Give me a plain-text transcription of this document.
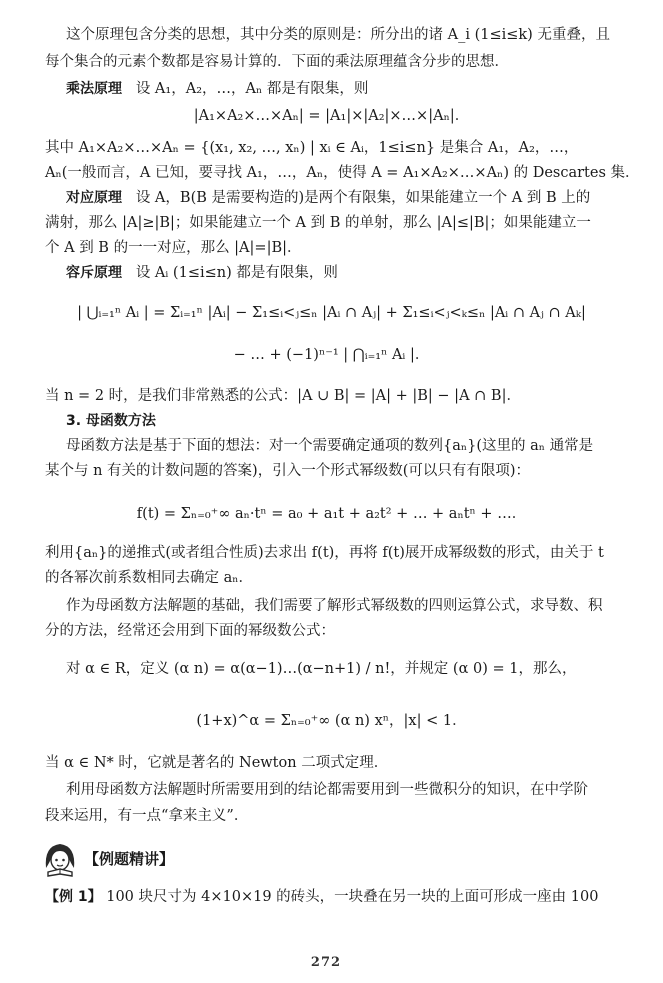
这个原理包含分类的思想，其中分类的原则是：所分出的诸 A_i (1≤i≤k) 无重叠，且
每个集合的元素个数都是容易计算的．下面的乘法原理蕴含分步的思想．
乘法原理 设 A₁，A₂，…，Aₙ 都是有限集，则
|A₁×A₂×…×Aₙ| = |A₁|×|A₂|×…×|Aₙ|．
其中 A₁×A₂×…×Aₙ = {(x₁, x₂, …, xₙ) | xᵢ ∈ Aᵢ，1≤i≤n} 是集合 A₁，A₂，…，
Aₙ(一般而言，A 已知，要寻找 A₁，…，Aₙ，使得 A = A₁×A₂×…×Aₙ) 的 Descartes 集．
对应原理 设 A，B(B 是需要构造的)是两个有限集，如果能建立一个 A 到 B 上的
满射，那么 |A|≥|B|；如果能建立一个 A 到 B 的单射，那么 |A|≤|B|；如果能建立一
个 A 到 B 的一一对应，那么 |A|=|B|．
容斥原理 设 Aᵢ (1≤i≤n) 都是有限集，则
| ⋃ᵢ₌₁ⁿ Aᵢ | = Σᵢ₌₁ⁿ |Aᵢ| − Σ₁≤ᵢ<ⱼ≤ₙ |Aᵢ ∩ Aⱼ| + Σ₁≤ᵢ<ⱼ<ₖ≤ₙ |Aᵢ ∩ Aⱼ ∩ Aₖ|
− … + (−1)ⁿ⁻¹ | ⋂ᵢ₌₁ⁿ Aᵢ |．
当 n = 2 时，是我们非常熟悉的公式：|A ∪ B| = |A| + |B| − |A ∩ B|．
3. 母函数方法
母函数方法是基于下面的想法：对一个需要确定通项的数列{aₙ}(这里的 aₙ 通常是
某个与 n 有关的计数问题的答案)，引入一个形式幂级数(可以只有有限项)：
f(t) = Σₙ₌₀⁺∞ aₙ·tⁿ = a₀ + a₁t + a₂t² + … + aₙtⁿ + …．
利用{aₙ}的递推式(或者组合性质)去求出 f(t)，再将 f(t)展开成幂级数的形式，由关于 t
的各幂次前系数相同去确定 aₙ．
作为母函数方法解题的基础，我们需要了解形式幂级数的四则运算公式，求导数、积
分的方法，经常还会用到下面的幂级数公式：
对 α ∈ R，定义 (α n) = α(α−1)…(α−n+1) / n!，并规定 (α 0) = 1，那么，
(1+x)^α = Σₙ₌₀⁺∞ (α n) xⁿ，|x| < 1．
当 α ∈ N* 时，它就是著名的 Newton 二项式定理．
利用母函数方法解题时所需要用到的结论都需要用到一些微积分的知识，在中学阶
段来运用，有一点“拿来主义”．
【例题精讲】
【例 1】 100 块尺寸为 4×10×19 的砖头，一块叠在另一块的上面可形成一座由 100
272
